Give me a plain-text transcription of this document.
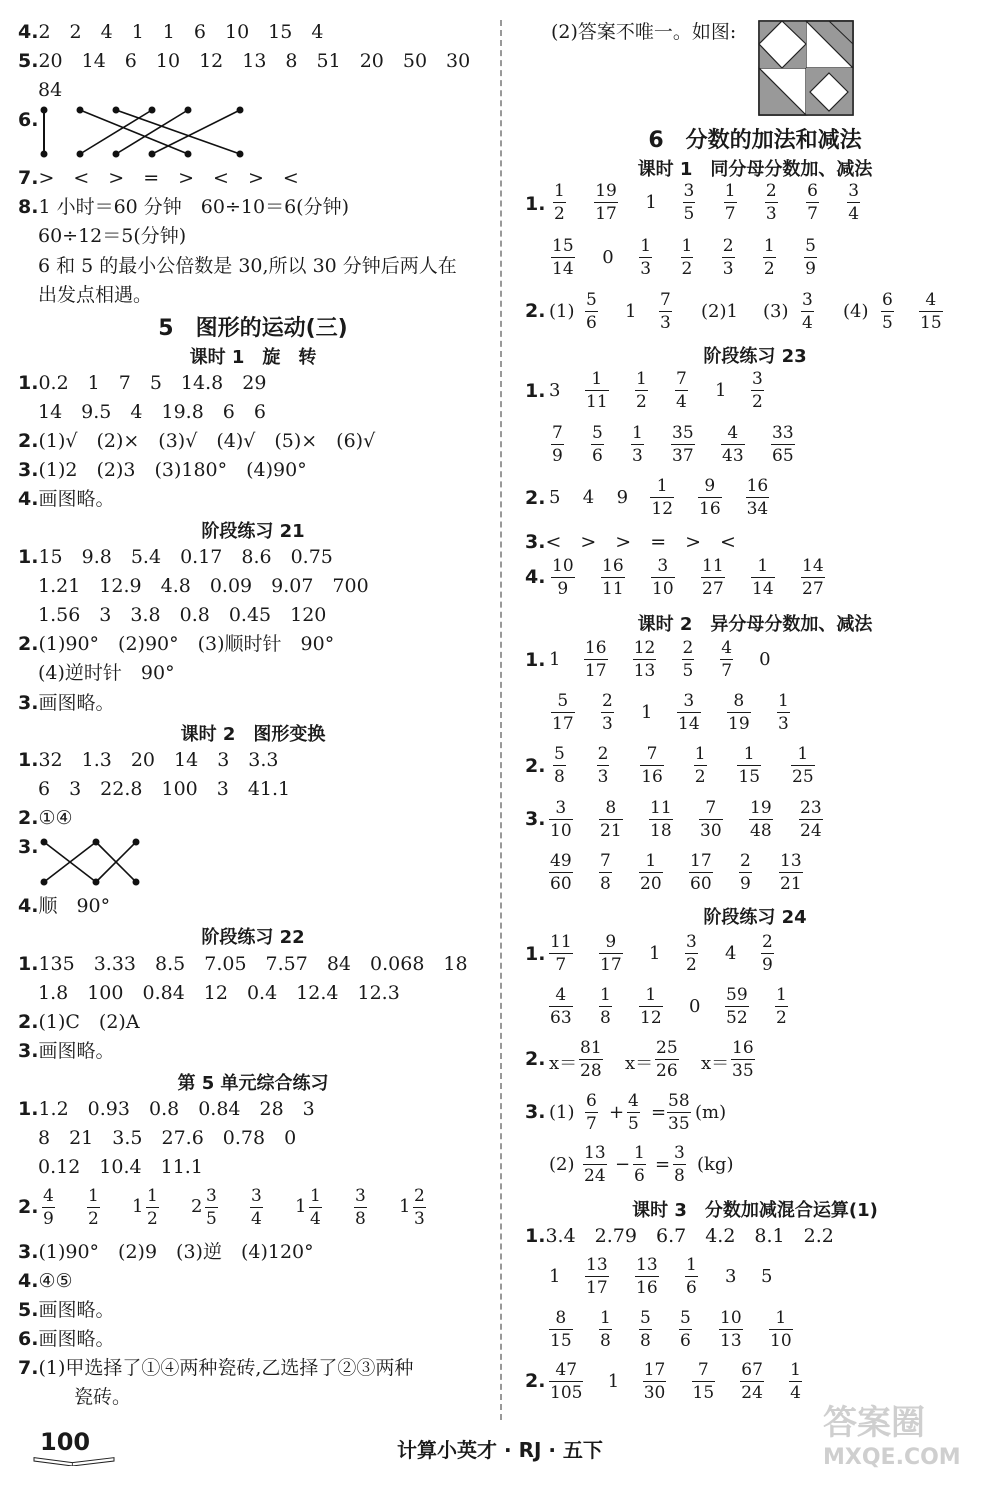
4.2　2　4　1　1　6　10　15　4
5.20　14　6　10　12　13　8　51　20　50　30
84
6.
7.>　<　>　=　>　<　>　<
8.1 小时＝60 分钟　60÷10＝6(分钟)
60÷12＝5(分钟)
6 和 5 的最小公倍数是 30,所以 30 分钟后两人在
出发点相遇。
5　图形的运动(三)
课时 1　旋　转
1.0.2　1　7　5　14.8　29
14　9.5　4　19.8　6　6
2.(1)√　(2)×　(3)√　(4)√　(5)×　(6)√
3.(1)2　(2)3　(3)180°　(4)90°
4.画图略。
阶段练习 21
1.15　9.8　5.4　0.17　8.6　0.75
1.21　12.9　4.8　0.09　9.07　700
1.56　3　3.8　0.8　0.45　120
2.(1)90°　(2)90°　(3)顺时针　90°
(4)逆时针　90°
3.画图略。
课时 2　图形变换
1.32　1.3　20　14　3　3.3
6　3　22.8　100　3　41.1
2.①④
3.
4.顺　90°
阶段练习 22
1.135　3.33　8.5　7.05　7.57　84　0.068　18
1.8　100　0.84　12　0.4　12.4　12.3
2.(1)C　(2)A
3.画图略。
第 5 单元综合练习
1.1.2　0.93　0.8　0.84　28　3
8　21　3.5　27.6　0.78　0
0.12　10.4　11.1
2.
3.(1)90°　(2)9　(3)逆　(4)120°
4.④⑤
5.画图略。
6.画图略。
7.(1)甲选择了①④两种瓷砖,乙选择了②③两种
瓷砖。
4
9
1
2
1 1
2
2 3
5
3
4
1 1
4
3
8
1 2
3
(2)答案不唯一。如图:
6　分数的加法和减法
课时 1　同分母分数加、减法
1.
2.
阶段练习 23
1.
2.
3.<　>　>　=　>　<
4.
课时 2　异分母分数加、减法
1.
2.
3.
阶段练习 24
1.
2.
3.
课时 3　分数加减混合运算(1)
1.3.4　2.79　6.7　4.2　8.1　2.2
2.
1
2
19
17
1
3
5
1
7
2
3
6
7
3
4
15
14
0
1
3
1
2
2
3
1
2
5
9
3
1
11
1
2
7
4
1
3
2
7
9
5
6
1
3
35
37
4
43
33
65
5 4 9
1
12
9
16
16
34
10
9
16
11
3
10
11
27
1
14
14
27
1
16
17
12
13
2
5
4
7
0
5
17
2
3
1
3
14
8
19
1
3
5
8
2
3
7
16
1
2
1
15
1
25
3
10
8
21
11
18
7
30
19
48
23
24
49
60
7
8
1
20
17
60
2
9
13
21
11
7
9
17
1
3
2
4
2
9
4
63
1
8
1
12
0
59
52
1
2
1
13
17
13
16
1
6
3 5
8
15
1
8
5
8
5
6
10
13
1
10
47
105
1
17
30
7
15
67
24
1
4
(1)
5
6
1
7
3
(2)1 (3)
3
4
(4)
6
5
4
15
x＝
81
28 x＝
25
26 x＝
16
35
(1)
6
7
+
4
5
=
58
35
(m)
(2)
13
24
−
1
6
=
3
8
(kg)
100	计算小英才 · RJ · 五下
答案圈
MXQE.COM
